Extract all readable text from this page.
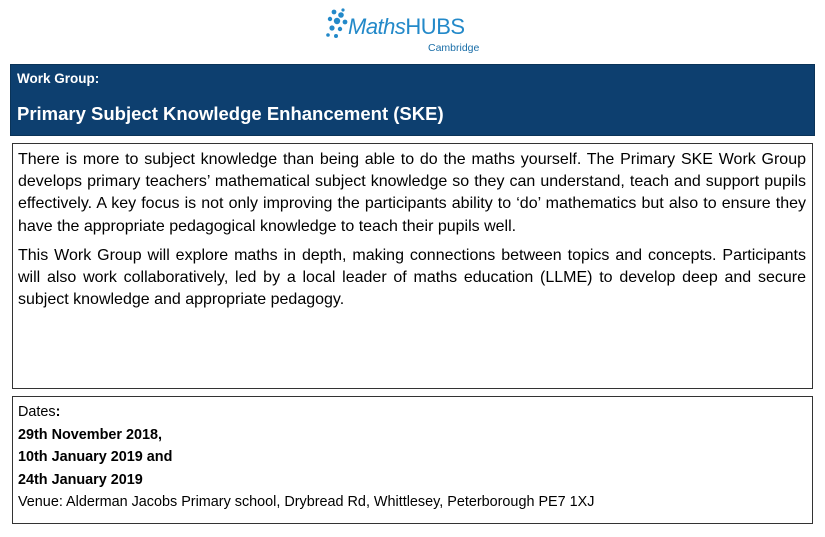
MathsHUBS
Cambridge
Work Group:
Primary Subject Knowledge Enhancement (SKE)

There is more to subject knowledge than being able to do the maths yourself. The Primary SKE Work Group develops primary teachers’ mathematical subject knowledge so they can understand, teach and support pupils effectively. A key focus is not only improving the participants ability to ‘do’ mathematics but also to ensure they have the appropriate pedagogical knowledge to teach their pupils well.

This Work Group will explore maths in depth, making connections between topics and concepts. Participants will also work collaboratively, led by a local leader of maths education (LLME) to develop deep and secure subject knowledge and appropriate pedagogy.

Dates:
29th November 2018,
10th January 2019 and
24th January 2019
Venue: Alderman Jacobs Primary school, Drybread Rd, Whittlesey, Peterborough PE7 1XJ
